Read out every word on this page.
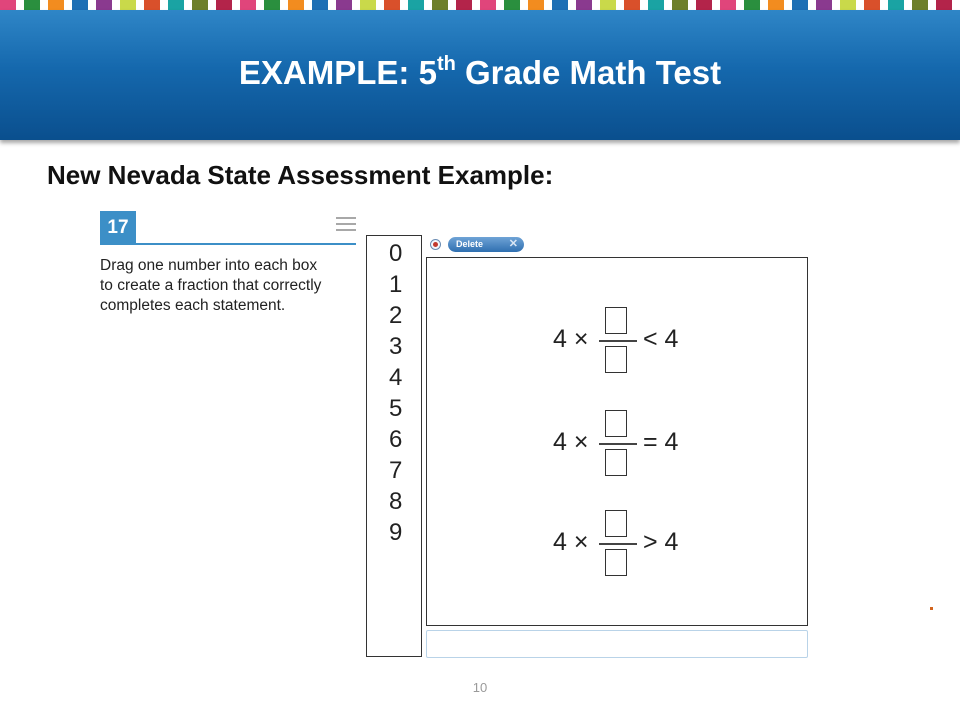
EXAMPLE: 5th Grade Math Test
New Nevada State Assessment Example:
17
Drag one number into each box
to create a fraction that correctly
completes each statement.
0
1
2
3
4
5
6
7
8
9
Delete ✕
4 × < 4
4 × = 4
4 × > 4
10
